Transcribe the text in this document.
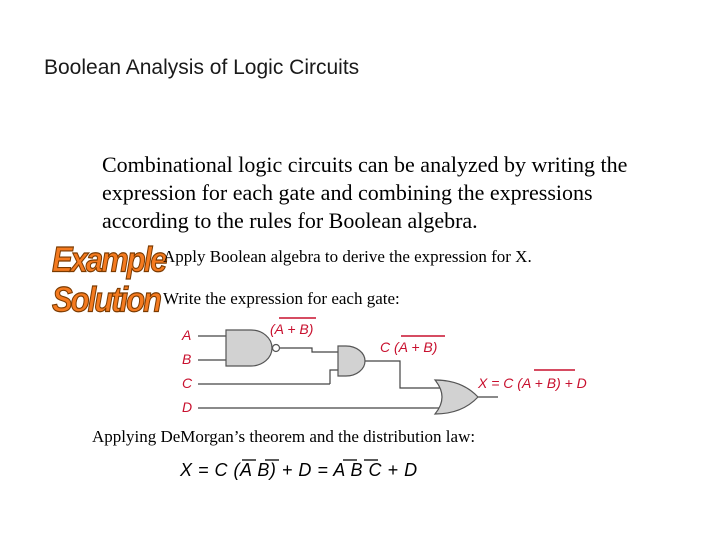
Boolean Analysis of Logic Circuits
Combinational logic circuits can be analyzed by writing the expression for each gate and combining the expressions according to the rules for Boolean algebra.
Example
Solution
Apply Boolean algebra to derive the expression for X.
Write the expression for each gate:
A
B
C
D
(A + B)
C (A + B)
X = C (A + B) + D
Applying DeMorgan’s theorem and the distribution law:
X = C (A B) + D = A B C + D
